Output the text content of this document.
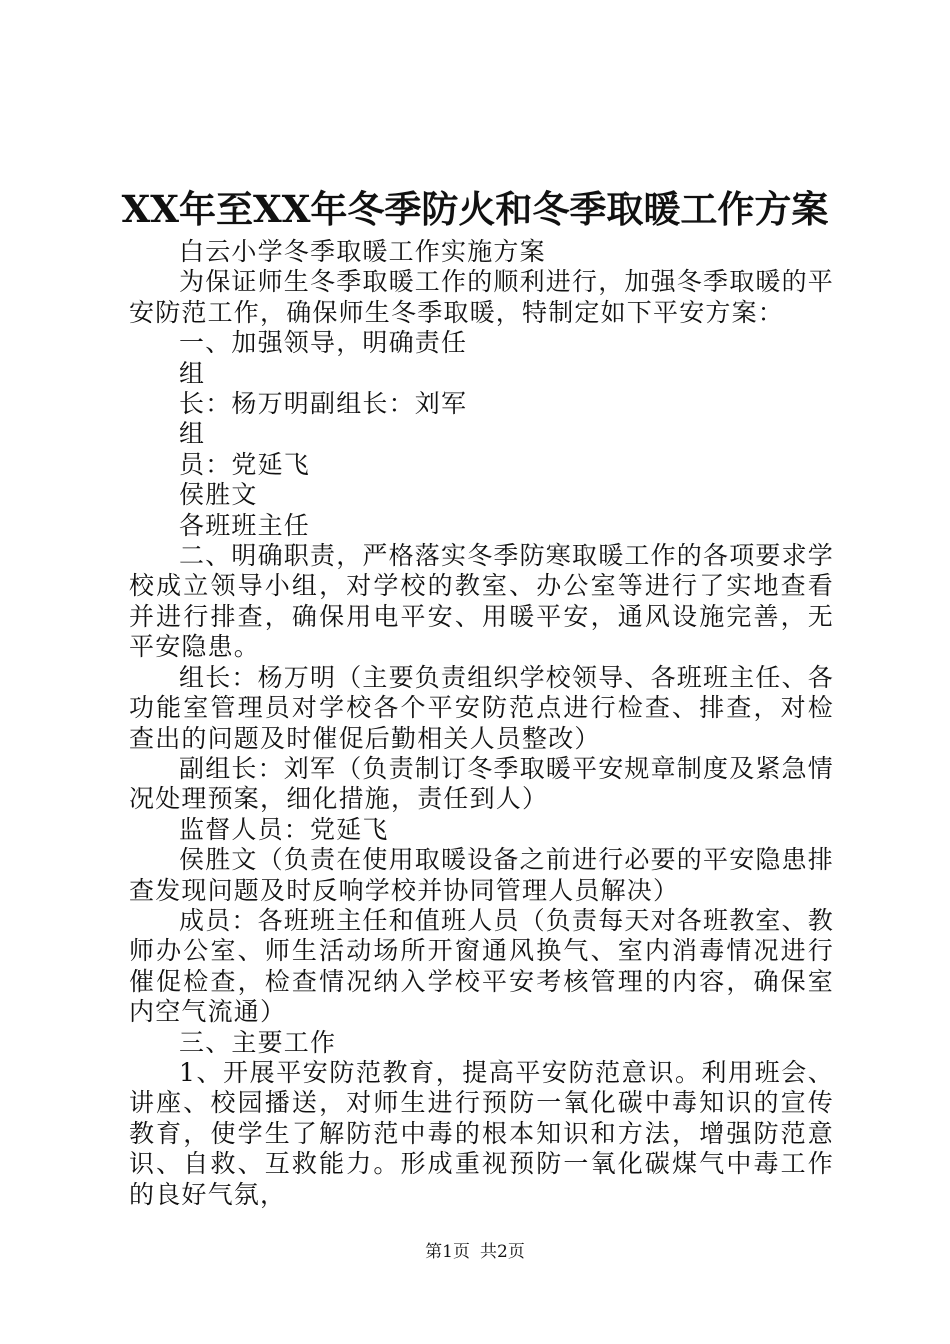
XX年至XX年冬季防火和冬季取暖工作方案

白云小学冬季取暖工作实施方案

为保证师生冬季取暖工作的顺利进行，加强冬季取暖的平安防范工作，确保师生冬季取暖，特制定如下平安方案：

一、加强领导，明确责任

组

长：杨万明副组长：刘军

组

员：党延飞

侯胜文

各班班主任

二、明确职责，严格落实冬季防寒取暖工作的各项要求学校成立领导小组，对学校的教室、办公室等进行了实地查看并进行排查，确保用电平安、用暖平安，通风设施完善，无平安隐患。

组长：杨万明（主要负责组织学校领导、各班班主任、各功能室管理员对学校各个平安防范点进行检查、排查，对检查出的问题及时催促后勤相关人员整改）

副组长：刘军（负责制订冬季取暖平安规章制度及紧急情况处理预案，细化措施，责任到人）

监督人员：党延飞

侯胜文（负责在使用取暖设备之前进行必要的平安隐患排查发现问题及时反响学校并协同管理人员解决）

成员：各班班主任和值班人员（负责每天对各班教室、教师办公室、师生活动场所开窗通风换气、室内消毒情况进行催促检查，检查情况纳入学校平安考核管理的内容，确保室内空气流通）

三、主要工作

1、开展平安防范教育，提高平安防范意识。利用班会、讲座、校园播送，对师生进行预防一氧化碳中毒知识的宣传教育，使学生了解防范中毒的根本知识和方法，增强防范意识、自救、互救能力。形成重视预防一氧化碳煤气中毒工作的良好气氛，

第1页 共2页
